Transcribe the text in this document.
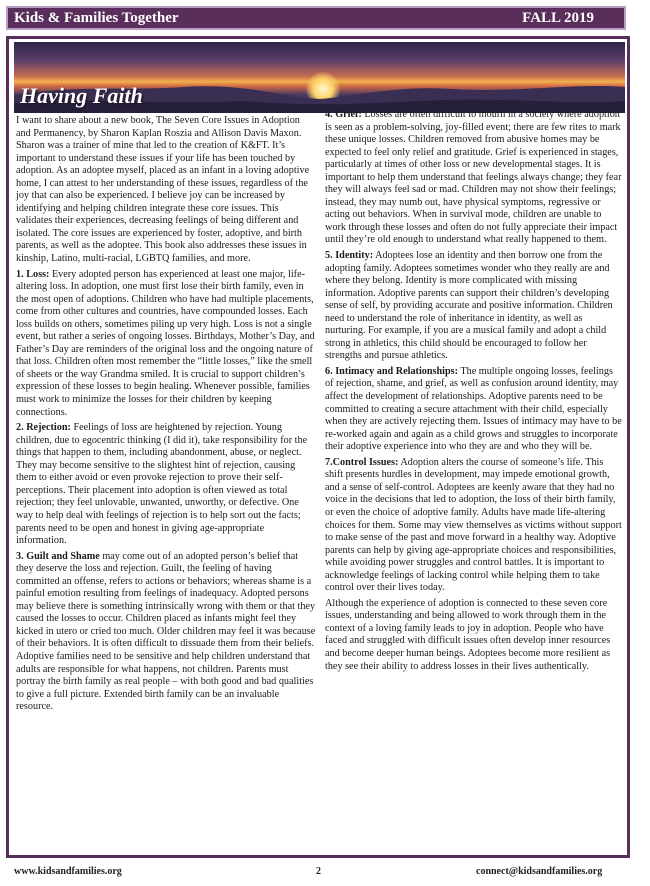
Kids & Families Together	FALL 2019
Having Faith

I want to share about a new book, The Seven Core Issues in Adoption and Permanency, by Sharon Kaplan Roszia and Allison Davis Maxon. Sharon was a trainer of mine that led to the creation of K&FT. It’s important to understand these issues if your life has been touched by adoption. As an adoptee myself, placed as an infant in a loving adoptive home, I can attest to her understanding of these issues, regardless of the joy that can also be experienced. I believe joy can be increased by identifying and helping children integrate these core issues. This validates their experiences, decreasing feelings of being different and isolated. The core issues are experienced by foster, adoptive, and birth parents, as well as the adoptee. This book also addresses these issues in kinship, Latino, multi-racial, LGBTQ families, and more.

1. Loss: Every adopted person has experienced at least one major, life-altering loss. In adoption, one must first lose their birth family, even in the most open of adoptions. Children who have had multiple placements, come from other cultures and countries, have compounded losses. Each loss builds on others, sometimes piling up very high. Loss is not a single event, but rather a series of ongoing losses. Birthdays, Mother’s Day, and Father’s Day are reminders of the original loss and the ongoing nature of that loss. Children often most remember the “little losses,” like the smell of sheets or the way Grandma smiled. It is crucial to support children’s expression of these losses to begin healing. Whenever possible, families must work to minimize the losses for their children by keeping connections.

2. Rejection: Feelings of loss are heightened by rejection. Young children, due to egocentric thinking (I did it), take responsibility for the things that happen to them, including abandonment, abuse, or neglect. They may become sensitive to the slightest hint of rejection, causing them to either avoid or even provoke rejection to prove their self-perceptions. Their placement into adoption is often viewed as total rejection; they feel unlovable, unwanted, unworthy, or defective. One way to help deal with feelings of rejection is to help sort out the facts; parents need to be open and honest in giving age-appropriate information.

3. Guilt and Shame may come out of an adopted person’s belief that they deserve the loss and rejection. Guilt, the feeling of having committed an offense, refers to actions or behaviors; whereas shame is a painful emotion resulting from feelings of inadequacy. Adopted persons may believe there is something intrinsically wrong with them or that they caused the losses to occur. Children placed as infants might feel they kicked in utero or cried too much. Older children may feel it was because of their behaviors. It is often difficult to dissuade them from their beliefs. Adoptive families need to be sensitive and help children understand that adults are responsible for what happens, not children. Parents must portray the birth family as real people – with both good and bad qualities to give a full picture. Extended birth family can be an invaluable resource.

4. Grief: Losses are often difficult to mourn in a society where adoption is seen as a problem-solving, joy-filled event; there are few rites to mark these unique losses. Children removed from abusive homes may be expected to feel only relief and gratitude. Grief is experienced in stages, particularly at times of other loss or new developmental stages. It is important to help them understand that feelings always change; they fear they will always feel sad or mad. Children may not show their feelings; instead, they may numb out, have physical symptoms, regressive or acting out behaviors. When in survival mode, children are unable to work through these losses and often do not fully appreciate their impact until they’re old enough to understand what really happened to them.

5. Identity: Adoptees lose an identity and then borrow one from the adopting family. Adoptees sometimes wonder who they really are and where they belong. Identity is more complicated with missing information. Adoptive parents can support their children’s developing sense of self, by providing accurate and positive information. Children need to understand the role of inheritance in identity, as well as nurturing. For example, if you are a musical family and adopt a child strong in athletics, this child should be encouraged to follow her strengths and pursue athletics.

6. Intimacy and Relationships: The multiple ongoing losses, feelings of rejection, shame, and grief, as well as confusion around identity, may affect the development of relationships. Adoptive parents need to be committed to creating a secure attachment with their child, especially when they are actively rejecting them. Issues of intimacy may have to be re-worked again and again as a child grows and struggles to incorporate their adoptive experience into who they are and who they will be.

7.Control Issues: Adoption alters the course of someone’s life. This shift presents hurdles in development, may impede emotional growth, and a sense of self-control. Adoptees are keenly aware that they had no voice in the decisions that led to adoption, the loss of their birth family, or even the choice of adoptive family. Adults have made life-altering choices for them. Some may view themselves as victims without support to make sense of the past and move forward in a healthy way. Adoptive parents can help by giving age-appropriate choices and responsibilities, while avoiding power struggles and control battles. It is important to acknowledge feelings of lacking control while helping them to take control over their lives today.

Although the experience of adoption is connected to these seven core issues, understanding and being allowed to work through them in the context of a loving family leads to joy in adoption. People who have faced and struggled with difficult issues often develop inner resources and become deeper human beings. Adoptees become more resilient as they see their ability to address losses in their lives authentically.

www.kidsandfamilies.org	2	connect@kidsandfamilies.org
